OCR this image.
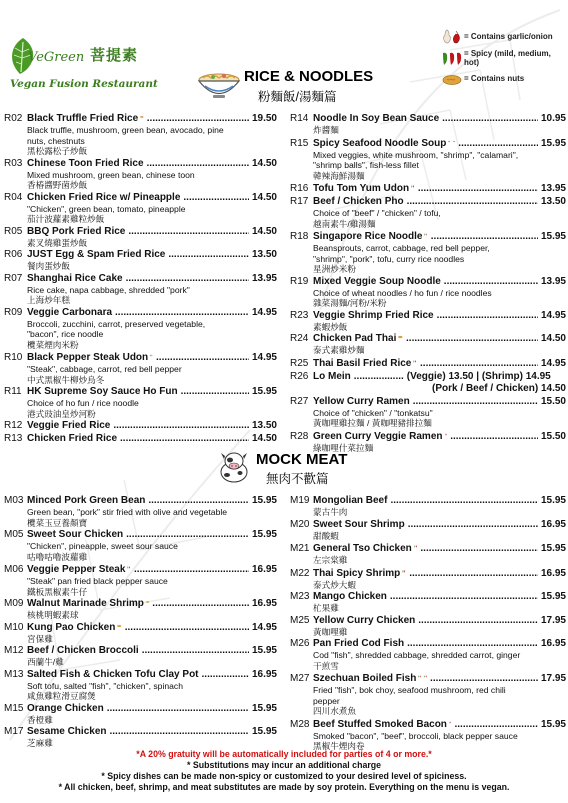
VeGreen 菩提素
Vegan Fusion Restaurant	RICE & NOODLES
粉麵飯/湯麵篇
= Contains garlic/onion
= Spicy (mild, medium, hot)
= Contains nuts
R02 Black Truffle Fried Rice .....	19.50
Black truffle, mushroom, green bean, avocado, pine
nuts, chestnuts
黑松露松子炒飯
R03 Chinese Toon Fried Rice .....	14.50
Mixed mushroom, green bean, chinese toon
香椿醬野菌炒飯
R04 Chicken Fried Rice w/ Pineapple .....	14.50
"Chicken", green bean, tomato, pineapple
茄汁波蘿素雞粒炒飯
R05 BBQ Pork Fried Rice .....	14.50
素叉燒雞蛋炒飯
R06 JUST Egg & Spam Fried Rice .....	13.50
餐肉蛋炒飯
R07 Shanghai Rice Cake .....	13.95
Rice cake, napa cabbage, shredded "pork"
上海炒年糕
R09 Veggie Carbonara .....	14.95
Broccoli, zucchini, carrot, preserved vegetable,
"bacon", rice noodle
欖菜煙肉米粉
R10 Black Pepper Steak Udon .....	14.95
"Steak", cabbage, carrot, red bell pepper
中式黑椒牛柳炒烏冬
R11 HK Supreme Soy Sauce Ho Fun .....	15.95
Choice of ho fun / rice noodle
港式豉油皇炒河粉
R12 Veggie Fried Rice .....	13.50
R13 Chicken Fried Rice .....	14.50
R14 Noodle In Soy Bean Sauce .....	10.95
炸醬麵
R15 Spicy Seafood Noodle Soup .....	15.95
Mixed veggies, white mushroom, "shrimp", "calamari",
"shrimp balls", fish-less fillet
韓辣海鮮湯麵
R16 Tofu Tom Yum Udon .....	13.95
R17 Beef / Chicken Pho .....	13.50
Choice of "beef" / "chicken" / tofu,
越南素牛/雞湯麵
R18 Singapore Rice Noodle .....	15.95
Beansprouts, carrot, cabbage, red bell pepper,
"shrimp", "pork", tofu, curry rice noodles
星洲炒米粉
R19 Mixed Veggie Soup Noodle .....	13.95
Choice of wheat noodles / ho fun / rice noodles
雜菜湯麵/河粉/米粉
R23 Veggie Shrimp Fried Rice .....	14.95
素蝦炒飯
R24 Chicken Pad Thai .....	14.50
泰式素雞炒麵
R25 Thai Basil Fried Rice .....	14.95
R26 Lo Mein .....	(Veggie) 13.50 | (Shrimp) 14.95
(Pork / Beef / Chicken) 14.50
R27 Yellow Curry Ramen .....	15.50
Choice of "chicken" / "tonkatsu"
黃咖哩雞拉麵 / 黃咖哩豬排拉麵
R28 Green Curry Veggie Ramen .....	15.50
綠咖哩什菜拉麵
MOCK MEAT
無肉不歡篇
M03 Minced Pork Green Bean .....	15.95
Green bean, "pork" stir fried with olive and vegetable
欖菜玉豆養顏寶
M05 Sweet Sour Chicken .....	15.95
"Chicken", pineapple, sweet sour sauce
咕嚕咕嚕波蘿雞
M06 Veggie Pepper Steak .....	16.95
"Steak" pan fried black pepper sauce
鐵板黑椒素牛仔
M09 Walnut Marinade Shrimp .....	16.95
核桃明蝦素球
M10 Kung Pao Chicken .....	14.95
宮保雞
M12 Beef / Chicken Broccoli .....	15.95
西蘭牛/雞
M13 Salted Fish & Chicken Tofu Clay Pot .....	16.95
Soft tofu, salted "fish", "chicken", spinach
咸魚雞粒滑豆腐煲
M15 Orange Chicken .....	15.95
香橙雞
M17 Sesame Chicken .....	15.95
芝麻雞
M19 Mongolian Beef .....	15.95
蒙古牛肉
M20 Sweet Sour Shrimp .....	16.95
甜酸蝦
M21 General Tso Chicken .....	15.95
左宗棠雞
M22 Thai Spicy Shrimp .....	16.95
泰式炒大蝦
M23 Mango Chicken .....	15.95
杧果雞
M25 Yellow Curry Chicken .....	17.95
黃咖哩雞
M26 Pan Fried Cod Fish .....	16.95
Cod "fish", shredded cabbage, shredded carrot, ginger
干煎雪
M27 Szechuan Boiled Fish .....	17.95
Fried "fish", bok choy, seafood mushroom, red chili
pepper
四川水煮魚
M28 Beef Stuffed Smoked Bacon .....	15.95
Smoked "bacon", "beef", broccoli, black pepper sauce
黑椒牛煙肉卷
*A 20% gratuity will be automatically included for parties of 4 or more.*
* Substitutions may incur an additional charge
* Spicy dishes can be made non-spicy or customized to your desired level of spiciness.
* All chicken, beef, shrimp, and meat substitutes are made by soy protein. Everything on the menu is vegan.
